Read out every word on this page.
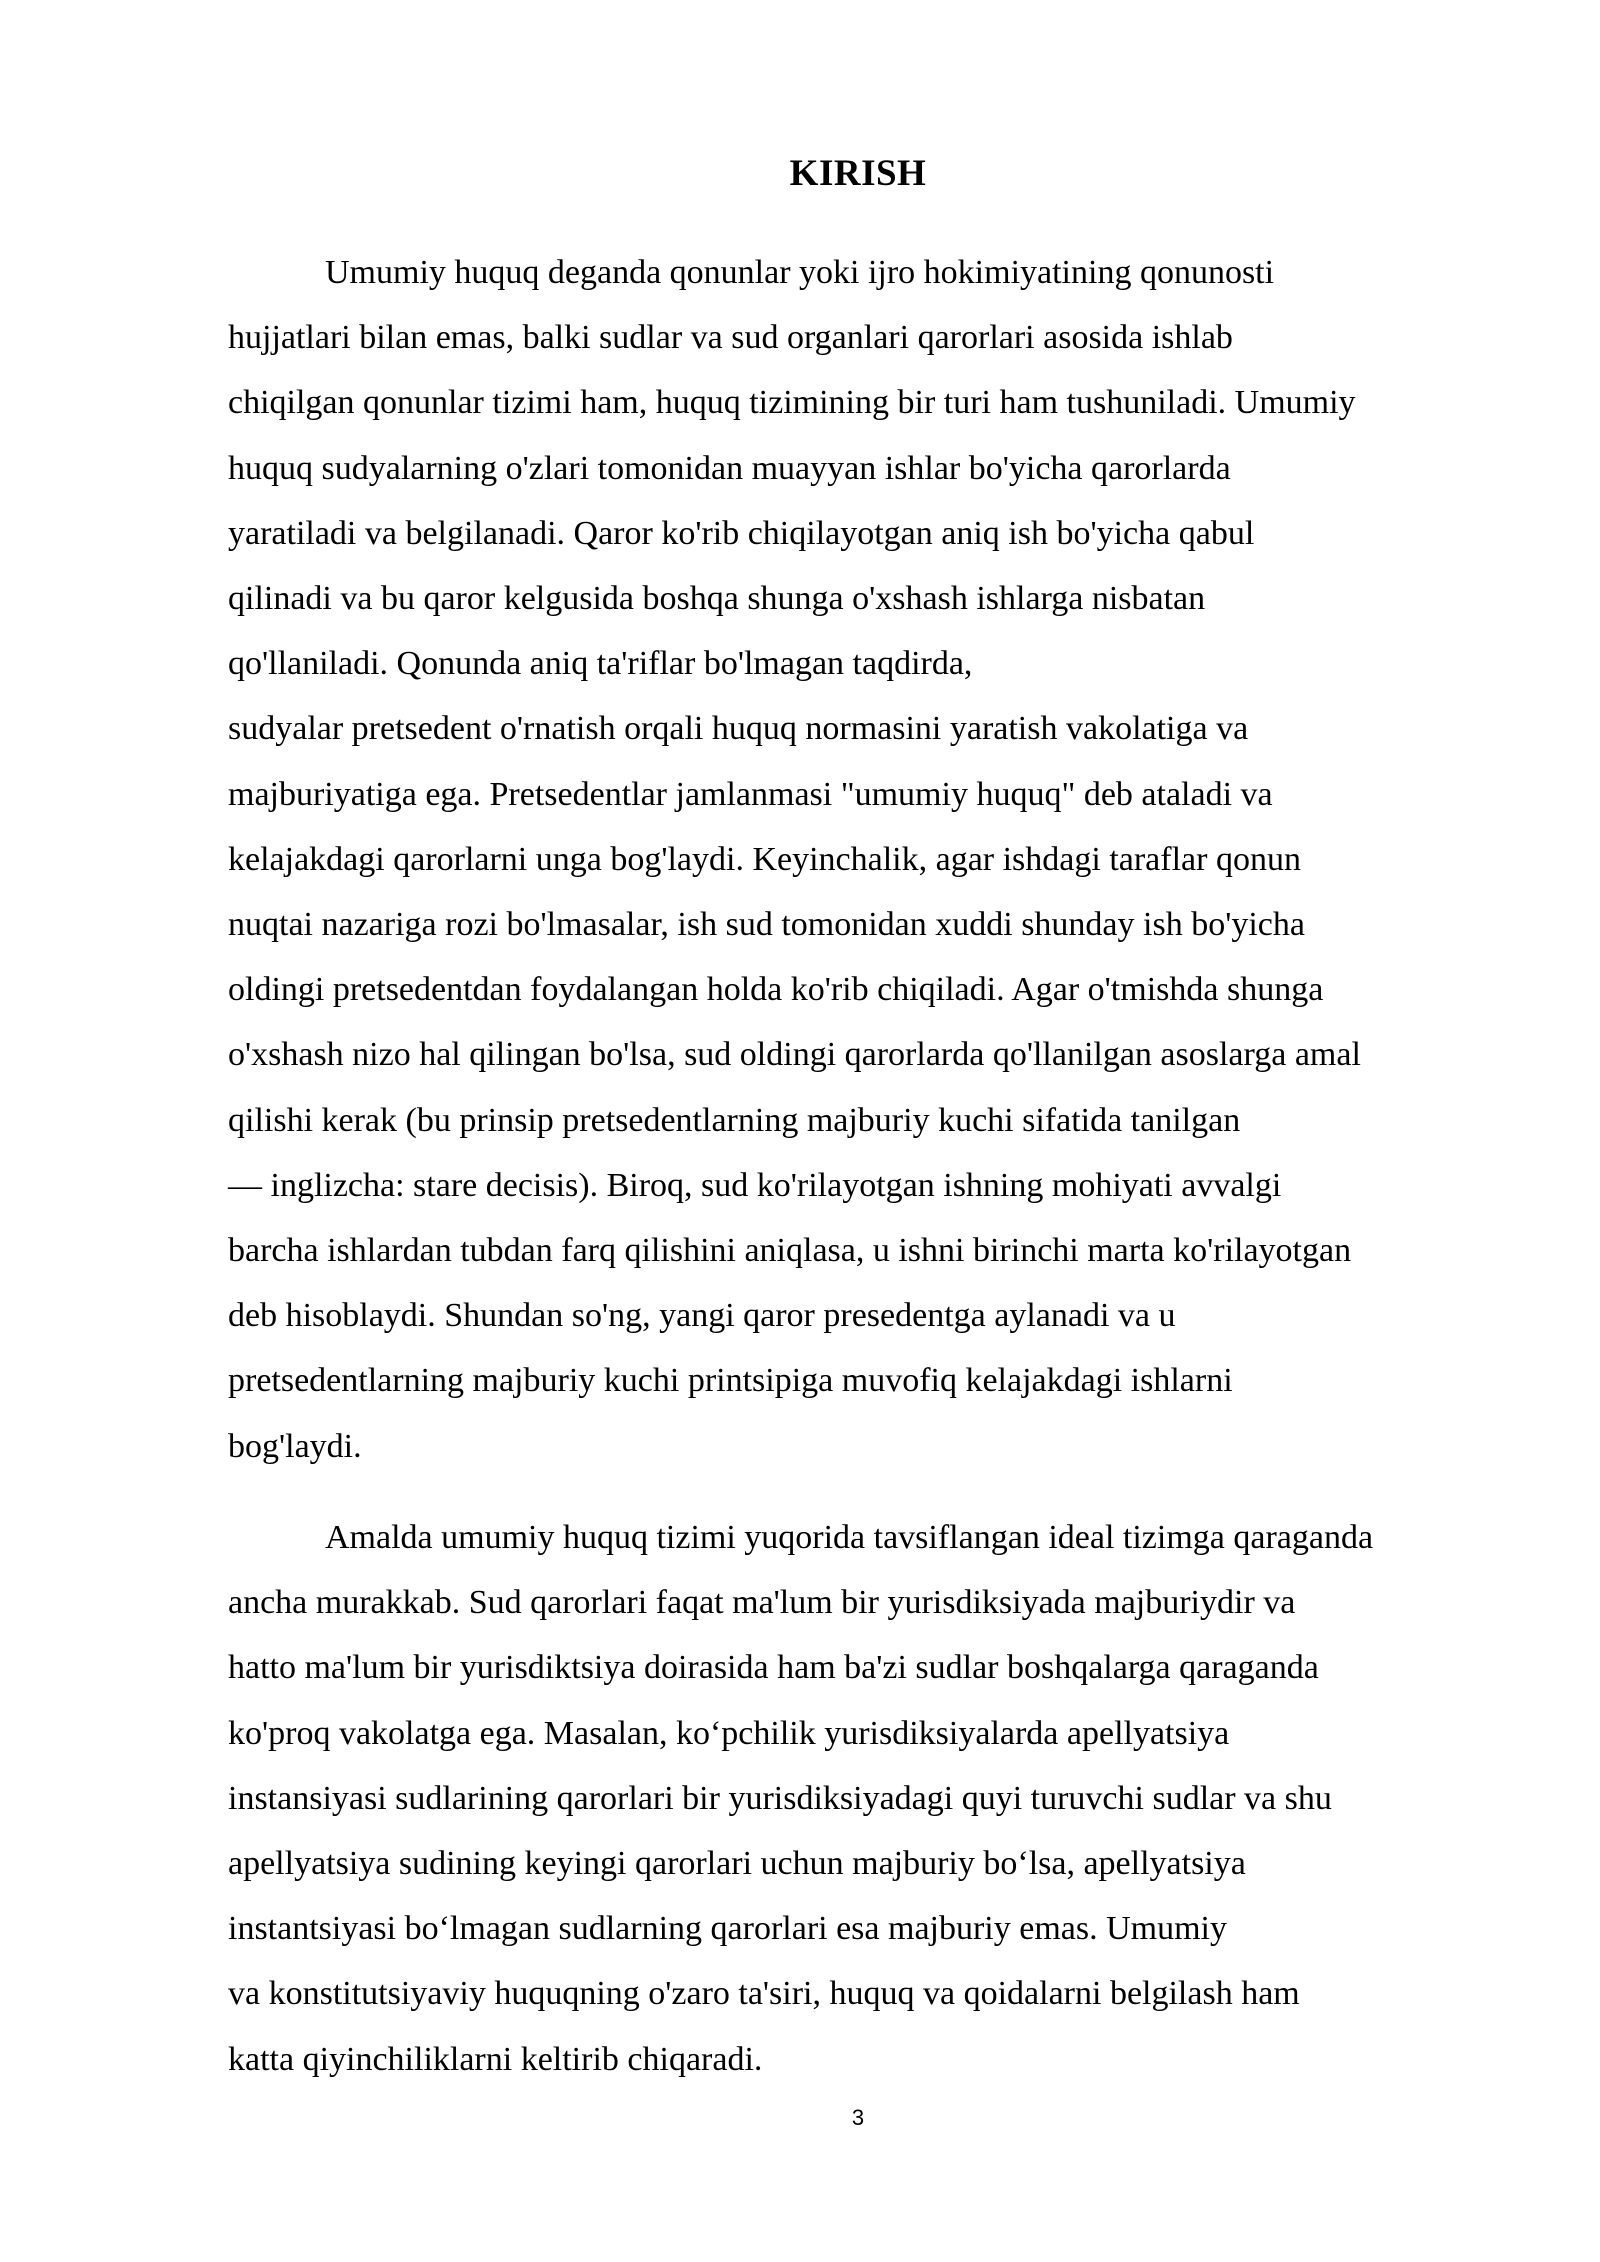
KIRISH
Umumiy huquq deganda qonunlar yoki ijro hokimiyatining qonunosti
hujjatlari bilan emas, balki sudlar va sud organlari qarorlari asosida ishlab
chiqilgan qonunlar tizimi ham, huquq tizimining bir turi ham tushuniladi. Umumiy
huquq sudyalarning o'zlari tomonidan muayyan ishlar bo'yicha qarorlarda
yaratiladi va belgilanadi. Qaror ko'rib chiqilayotgan aniq ish bo'yicha qabul
qilinadi va bu qaror kelgusida boshqa shunga o'xshash ishlarga nisbatan
qo'llaniladi. Qonunda aniq ta'riflar bo'lmagan taqdirda,
sudyalar pretsedent o'rnatish orqali huquq normasini yaratish vakolatiga va
majburiyatiga ega. Pretsedentlar jamlanmasi "umumiy huquq" deb ataladi va
kelajakdagi qarorlarni unga bog'laydi. Keyinchalik, agar ishdagi taraflar qonun
nuqtai nazariga rozi bo'lmasalar, ish sud tomonidan xuddi shunday ish bo'yicha
oldingi pretsedentdan foydalangan holda ko'rib chiqiladi. Agar o'tmishda shunga
o'xshash nizo hal qilingan bo'lsa, sud oldingi qarorlarda qo'llanilgan asoslarga amal
qilishi kerak (bu prinsip pretsedentlarning majburiy kuchi sifatida tanilgan
— inglizcha: stare decisis). Biroq, sud ko'rilayotgan ishning mohiyati avvalgi
barcha ishlardan tubdan farq qilishini aniqlasa, u ishni birinchi marta ko'rilayotgan
deb hisoblaydi. Shundan so'ng, yangi qaror presedentga aylanadi va u
pretsedentlarning majburiy kuchi printsipiga muvofiq kelajakdagi ishlarni
bog'laydi.
Amalda umumiy huquq tizimi yuqorida tavsiflangan ideal tizimga qaraganda
ancha murakkab. Sud qarorlari faqat ma'lum bir yurisdiksiyada majburiydir va
hatto ma'lum bir yurisdiktsiya doirasida ham ba'zi sudlar boshqalarga qaraganda
ko'proq vakolatga ega. Masalan, koʻpchilik yurisdiksiyalarda apellyatsiya
instansiyasi sudlarining qarorlari bir yurisdiksiyadagi quyi turuvchi sudlar va shu
apellyatsiya sudining keyingi qarorlari uchun majburiy boʻlsa, apellyatsiya
instantsiyasi boʻlmagan sudlarning qarorlari esa majburiy emas. Umumiy
va konstitutsiyaviy huquqning o'zaro ta'siri, huquq va qoidalarni belgilash ham
katta qiyinchiliklarni keltirib chiqaradi.
3
